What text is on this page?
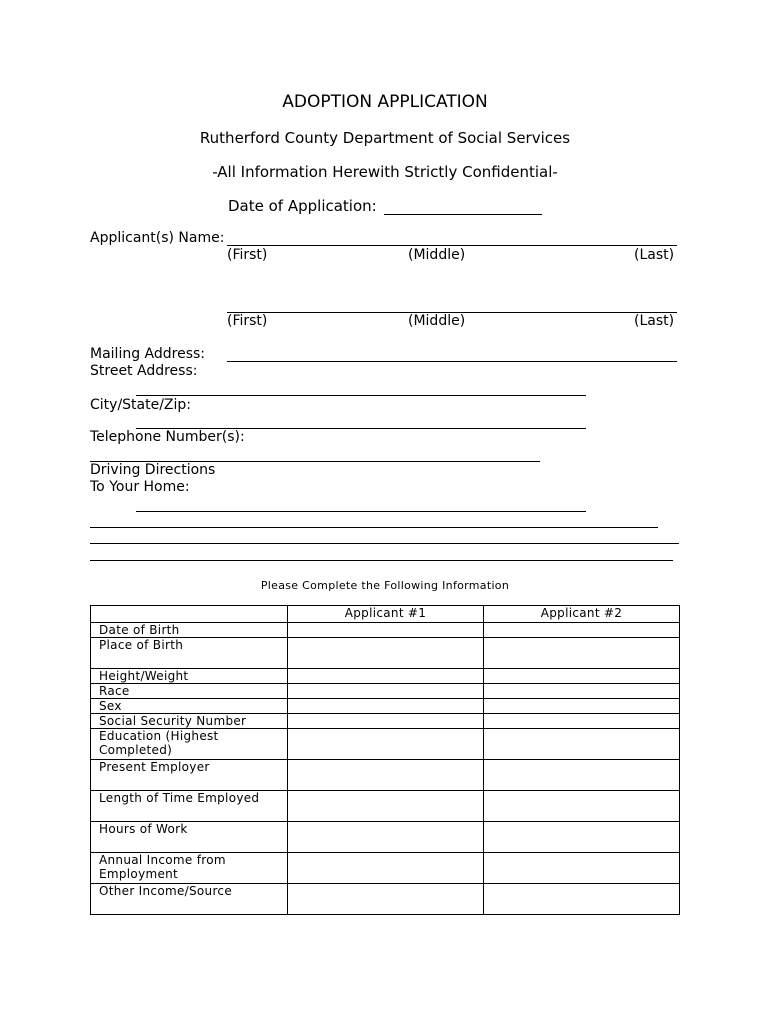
ADOPTION APPLICATION
Rutherford County Department of Social Services
-All Information Herewith Strictly Confidential-
Date of Application:
Applicant(s) Name:
(First)	(Middle)	(Last)
(First)	(Middle)	(Last)
Mailing Address:
Street Address:
City/State/Zip:
Telephone Number(s):
Driving Directions
To Your Home:
Please Complete the Following Information
	Applicant #1	Applicant #2
Date of Birth		
Place of Birth		
Height/Weight		
Race		
Sex		
Social Security Number		
Education (Highest Completed)		
Present Employer		
Length of Time Employed		
Hours of Work		
Annual Income from Employment		
Other Income/Source		
